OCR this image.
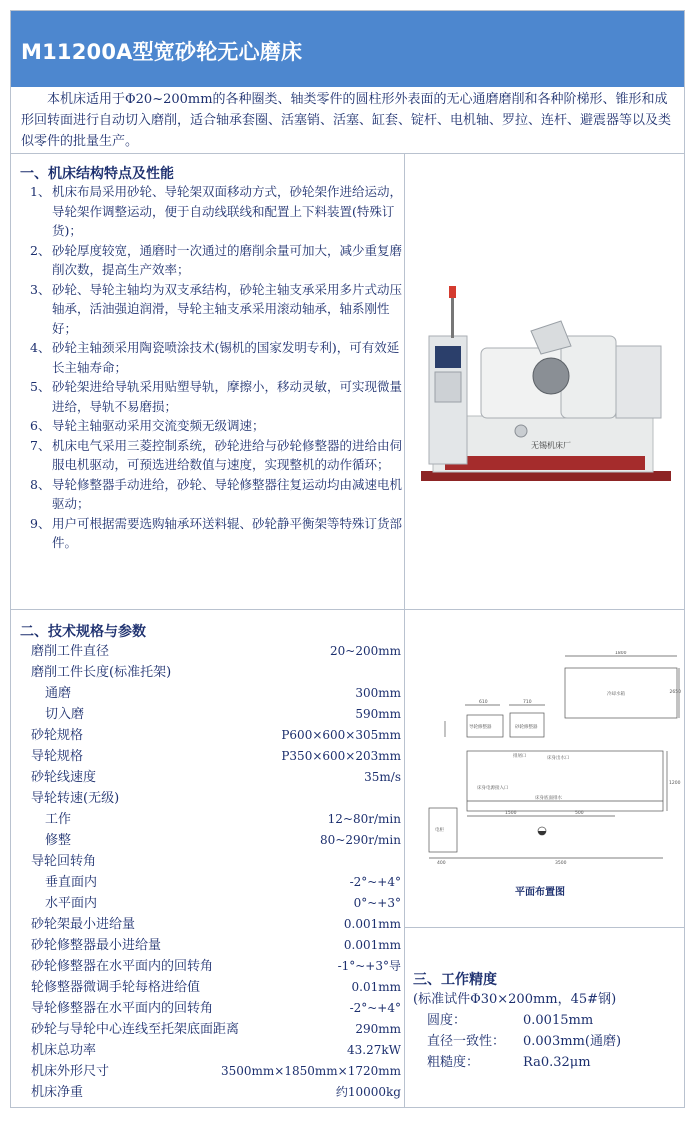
M11200A型宽砂轮无心磨床
本机床适用于Φ20~200mm的各种圈类、轴类零件的圆柱形外表面的无心通磨磨削和各种阶梯形、锥形和成形回转面进行自动切入磨削，适合轴承套圈、活塞销、活塞、缸套、锭杆、电机轴、罗拉、连杆、避震器等以及类似零件的批量生产。
一、机床结构特点及性能
1、 机床布局采用砂轮、导轮架双面移动方式，砂轮架作进给运动，导轮架作调整运动，便于自动线联线和配置上下料装置(特殊订货)；
2、 砂轮厚度较宽，通磨时一次通过的磨削余量可加大，减少重复磨削次数，提高生产效率；
3、 砂轮、导轮主轴均为双支承结构，砂轮主轴支承采用多片式动压轴承，活油强迫润滑，导轮主轴支承采用滚动轴承，轴系刚性好；
4、 砂轮主轴颈采用陶瓷喷涂技术(锡机的国家发明专利)，可有效延长主轴寿命；
5、 砂轮架进给导轨采用贴塑导轨，摩擦小，移动灵敏，可实现微量进给，导轨不易磨损；
6、 导轮主轴驱动采用交流变频无级调速；
7、 机床电气采用三菱控制系统，砂轮进给与砂轮修整器的进给由伺服电机驱动，可预选进给数值与速度，实现整机的动作循环；
8、 导轮修整器手动进给，砂轮、导轮修整器往复运动均由减速电机驱动；
9、 用户可根据需要选购轴承环送料辊、砂轮静平衡架等特殊订货部件。
无锡机床厂
二、技术规格与参数
磨削工件直径	20~200mm
磨削工件长度(标准托架)
通磨	300mm
切入磨	590mm
砂轮规格	P600×600×305mm
导轮规格	P350×600×203mm
砂轮线速度	35m/s
导轮转速(无级)
工作	12~80r/min
修整	80~290r/min
导轮回转角
垂直面内	-2°~+4°
水平面内	0°~+3°
砂轮架最小进给量	0.001mm
砂轮修整器最小进给量	0.001mm
砂轮修整器在水平面内的回转角	-1°~+3°导
轮修整器微调手轮每格进给值	0.01mm
导轮修整器在水平面内的回转角	-2°~+4°
砂轮与导轮中心连线至托架底面距离	290mm
机床总功率	43.27kW
机床外形尺寸	3500mm×1850mm×1720mm
机床净重	约10000kg
1800
冷却水箱
610	710
导轮修整器	砂轮修整器
排屑口	床身出水口
床身电源接入口
床身底面排水
电柜
1200
1500	500
400	3500
2650
平面布置图
三、工作精度
(标准试件Φ30×200mm，45#钢)
圆度：	0.0015mm
直径一致性： 0.003mm(通磨)
粗糙度：	Ra0.32μm
